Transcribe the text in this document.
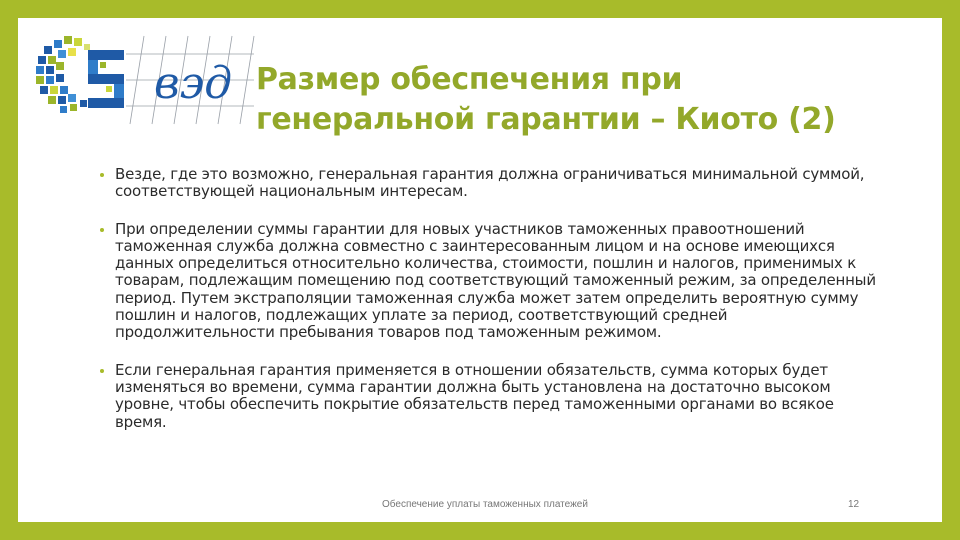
вэд Размер обеспечения при
генеральной гарантии – Киото (2)
Везде, где это возможно, генеральная гарантия должна ограничиваться минимальной суммой, соответствующей национальным интересам.
При определении суммы гарантии для новых участников таможенных правоотношений таможенная служба должна совместно с заинтересованным лицом и на основе имеющихся данных определиться относительно количества, стоимости, пошлин и налогов, применимых к товарам, подлежащим помещению под соответствующий таможенный режим, за определенный период. Путем экстраполяции таможенная служба может затем определить вероятную сумму пошлин и налогов, подлежащих уплате за период, соответствующий средней продолжительности пребывания товаров под таможенным режимом.
Если генеральная гарантия применяется в отношении обязательств, сумма которых будет изменяться во времени, сумма гарантии должна быть установлена на достаточно высоком уровне, чтобы обеспечить покрытие обязательств перед таможенными органами во всякое время.
Обеспечение уплаты таможенных платежей	12
